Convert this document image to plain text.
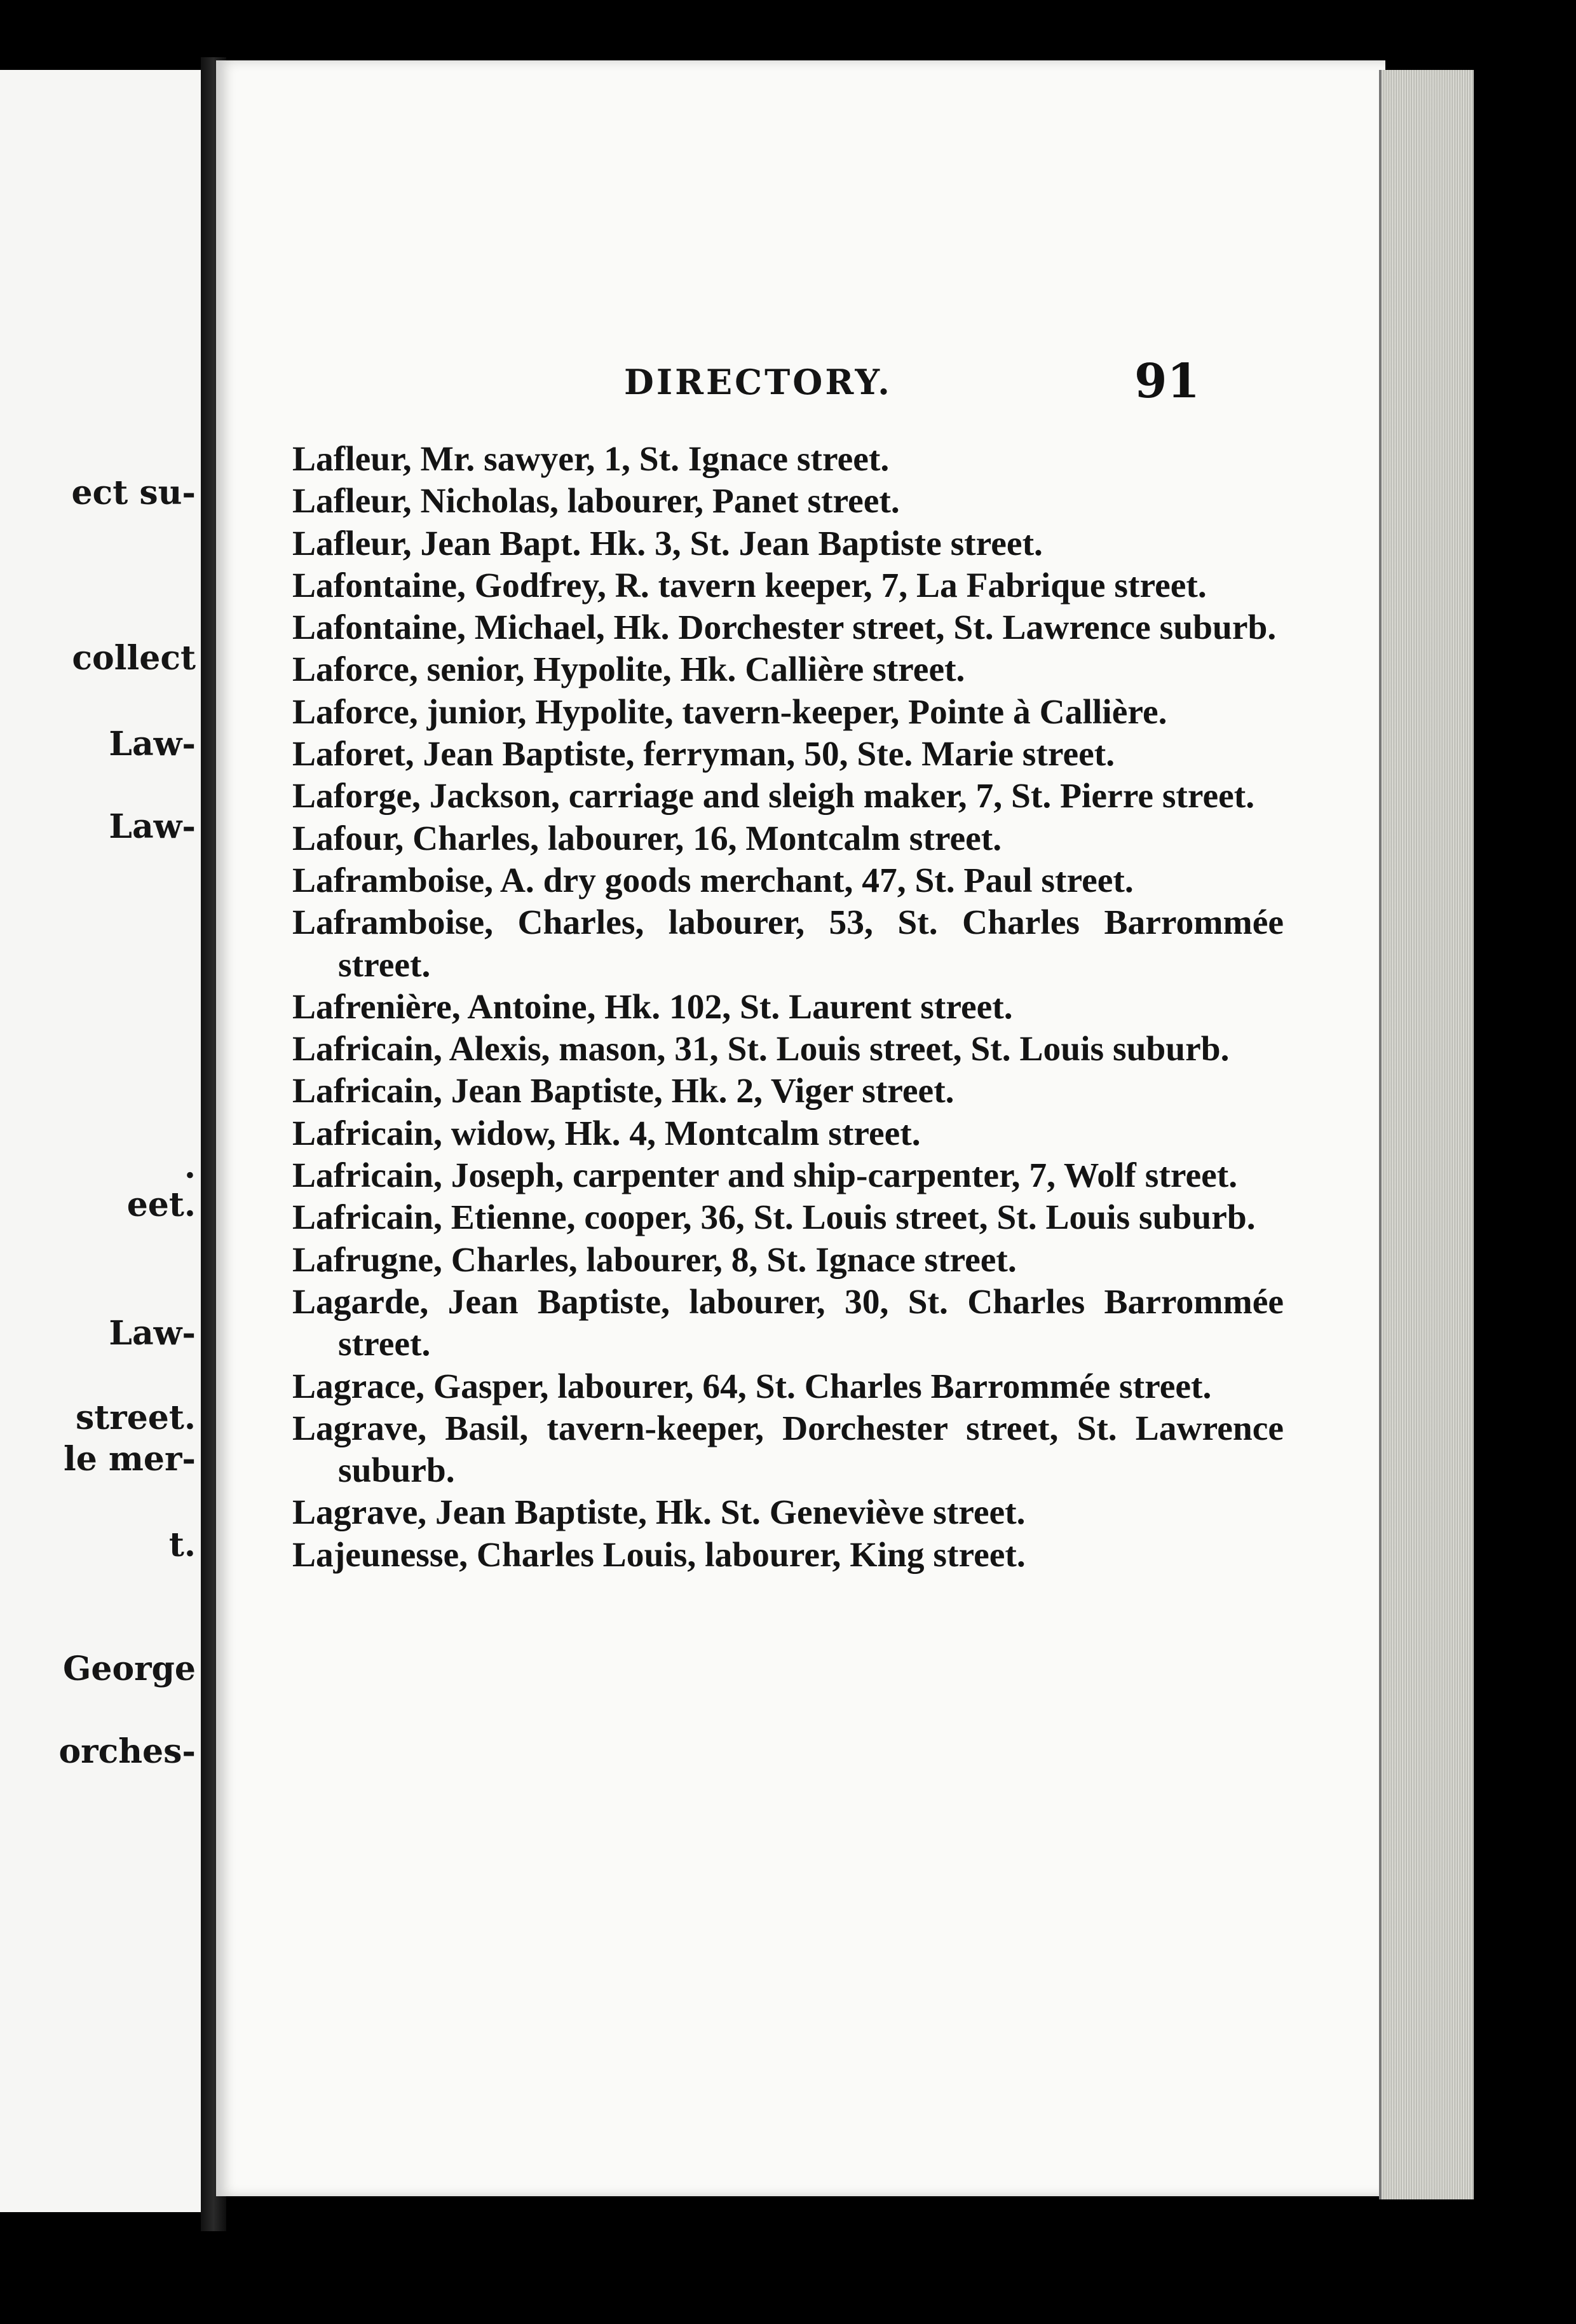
ect su-
collect
Law-
Law-
.
eet.
Law-
street.
le mer-
t.
George
orches-
DIRECTORY.	91
Lafleur, Mr. sawyer, 1, St. Ignace street.
Lafleur, Nicholas, labourer, Panet street.
Lafleur, Jean Bapt. Hk. 3, St. Jean Baptiste street.
Lafontaine, Godfrey, R. tavern keeper, 7, La Fabrique street.
Lafontaine, Michael, Hk. Dorchester street, St. Lawrence suburb.
Laforce, senior, Hypolite, Hk. Callière street.
Laforce, junior, Hypolite, tavern-keeper, Pointe à Callière.
Laforet, Jean Baptiste, ferryman, 50, Ste. Marie street.
Laforge, Jackson, carriage and sleigh maker, 7, St. Pierre street.
Lafour, Charles, labourer, 16, Montcalm street.
Laframboise, A. dry goods merchant, 47, St. Paul street.
Laframboise, Charles, labourer, 53, St. Charles Barrommée street.
Lafrenière, Antoine, Hk. 102, St. Laurent street.
Lafricain, Alexis, mason, 31, St. Louis street, St. Louis suburb.
Lafricain, Jean Baptiste, Hk. 2, Viger street.
Lafricain, widow, Hk. 4, Montcalm street.
Lafricain, Joseph, carpenter and ship-carpenter, 7, Wolf street.
Lafricain, Etienne, cooper, 36, St. Louis street, St. Louis suburb.
Lafrugne, Charles, labourer, 8, St. Ignace street.
Lagarde, Jean Baptiste, labourer, 30, St. Charles Barrommée street.
Lagrace, Gasper, labourer, 64, St. Charles Barrommée street.
Lagrave, Basil, tavern-keeper, Dorchester street, St. Lawrence suburb.
Lagrave, Jean Baptiste, Hk. St. Geneviève street.
Lajeunesse, Charles Louis, labourer, King street.
